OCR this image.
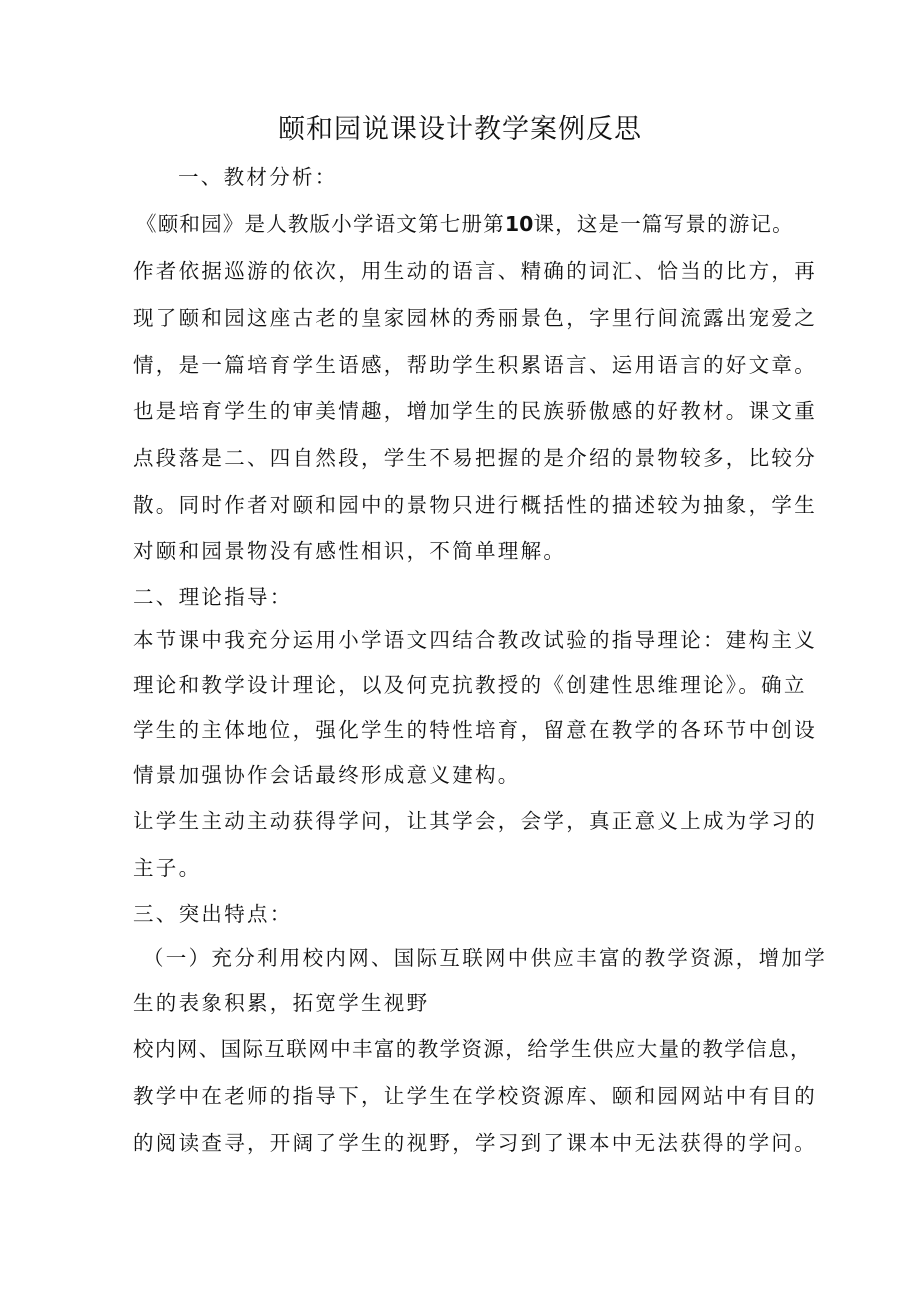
颐和园说课设计教学案例反思

一、教材分析：

《颐和园》是人教版小学语文第七册第10课，这是一篇写景的游记。

作者依据巡游的依次，用生动的语言、精确的词汇、恰当的比方，再

现了颐和园这座古老的皇家园林的秀丽景色，字里行间流露出宠爱之

情，是一篇培育学生语感，帮助学生积累语言、运用语言的好文章。

也是培育学生的审美情趣，增加学生的民族骄傲感的好教材。课文重

点段落是二、四自然段，学生不易把握的是介绍的景物较多，比较分

散。同时作者对颐和园中的景物只进行概括性的描述较为抽象，学生

对颐和园景物没有感性相识，不简单理解。

二、理论指导：

本节课中我充分运用小学语文四结合教改试验的指导理论：建构主义

理论和教学设计理论，以及何克抗教授的《创建性思维理论》。确立

学生的主体地位，强化学生的特性培育，留意在教学的各环节中创设

情景加强协作会话最终形成意义建构。

让学生主动主动获得学问，让其学会，会学，真正意义上成为学习的

主子。

三、突出特点：

（一）充分利用校内网、国际互联网中供应丰富的教学资源，增加学

生的表象积累，拓宽学生视野

校内网、国际互联网中丰富的教学资源，给学生供应大量的教学信息，

教学中在老师的指导下，让学生在学校资源库、颐和园网站中有目的

的阅读查寻，开阔了学生的视野，学习到了课本中无法获得的学问。
